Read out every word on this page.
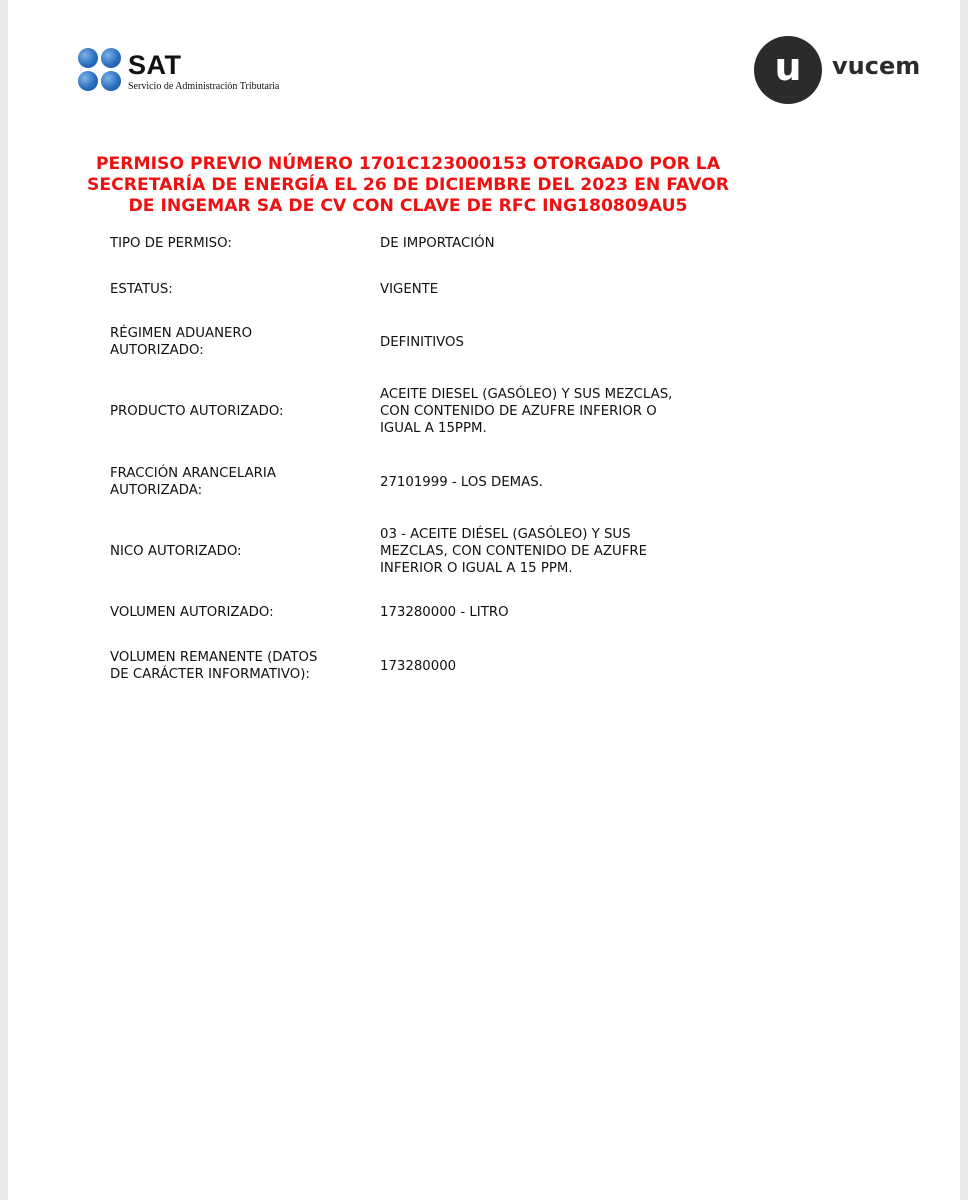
SAT
Servicio de Administración Tributaria	u	vucem
PERMISO PREVIO NÚMERO 1701C123000153 OTORGADO POR LA
SECRETARÍA DE ENERGÍA EL 26 DE DICIEMBRE DEL 2023 EN FAVOR
DE INGEMAR SA DE CV CON CLAVE DE RFC ING180809AU5
TIPO DE PERMISO:	DE IMPORTACIÓN
ESTATUS:	VIGENTE
RÉGIMEN ADUANERO
AUTORIZADO:
DEFINITIVOS
PRODUCTO AUTORIZADO:
ACEITE DIESEL (GASÓLEO) Y SUS MEZCLAS,
CON CONTENIDO DE AZUFRE INFERIOR O
IGUAL A 15PPM.
FRACCIÓN ARANCELARIA
AUTORIZADA:
27101999 - LOS DEMAS.
NICO AUTORIZADO:
03 - ACEITE DIÉSEL (GASÓLEO) Y SUS
MEZCLAS, CON CONTENIDO DE AZUFRE
INFERIOR O IGUAL A 15 PPM.
VOLUMEN AUTORIZADO:	173280000 - LITRO
VOLUMEN REMANENTE (DATOS
DE CARÁCTER INFORMATIVO):
173280000
